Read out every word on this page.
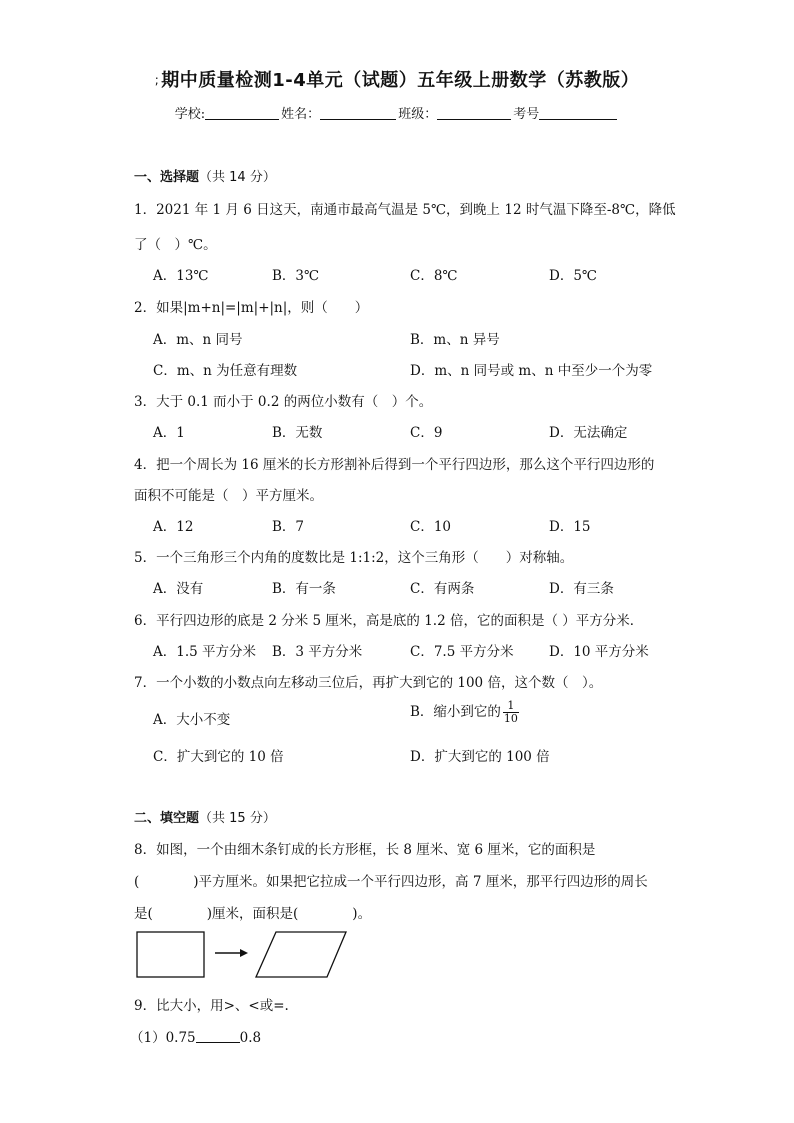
; 期中质量检测1-4单元（试题）五年级上册数学（苏教版）
学校:	姓名：	班级：	考号
一、选择题（共 14 分）
1．2021 年 1 月 6 日这天，南通市最高气温是 5℃，到晚上 12 时气温下降至-8℃，降低
了（　）℃。
A．13℃	B．3℃	C．8℃	D．5℃
2．如果|m+n|=|m|+|n|，则（　　）
A．m、n 同号	B．m、n 异号
C．m、n 为任意有理数	D．m、n 同号或 m、n 中至少一个为零
3．大于 0.1 而小于 0.2 的两位小数有（　）个。
A．1	B．无数	C．9	D．无法确定
4．把一个周长为 16 厘米的长方形割补后得到一个平行四边形，那么这个平行四边形的
面积不可能是（　）平方厘米。
A．12	B．7	C．10	D．15
5．一个三角形三个内角的度数比是 1:1:2，这个三角形（　　）对称轴。
A．没有	B．有一条	C．有两条	D．有三条
6．平行四边形的底是 2 分米 5 厘米，高是底的 1.2 倍，它的面积是（ ）平方分米．
A．1.5 平方分米 B．3 平方分米	C．7.5 平方分米	D．10 平方分米
7．一个小数的小数点向左移动三位后，再扩大到它的 100 倍，这个数（　）。
A．大小不变	B．缩小到它的 $\frac{1}{10}$
C．扩大到它的 10 倍	D．扩大到它的 100 倍
二、填空题（共 15 分）
8．如图，一个由细木条钉成的长方形框，长 8 厘米、宽 6 厘米，它的面积是
(　　　　)平方厘米。如果把它拉成一个平行四边形，高 7 厘米，那平行四边形的周长
是(　　　　)厘米，面积是(　　　　)。
9．比大小，用>、<或=.
（1）0.75	0.8
